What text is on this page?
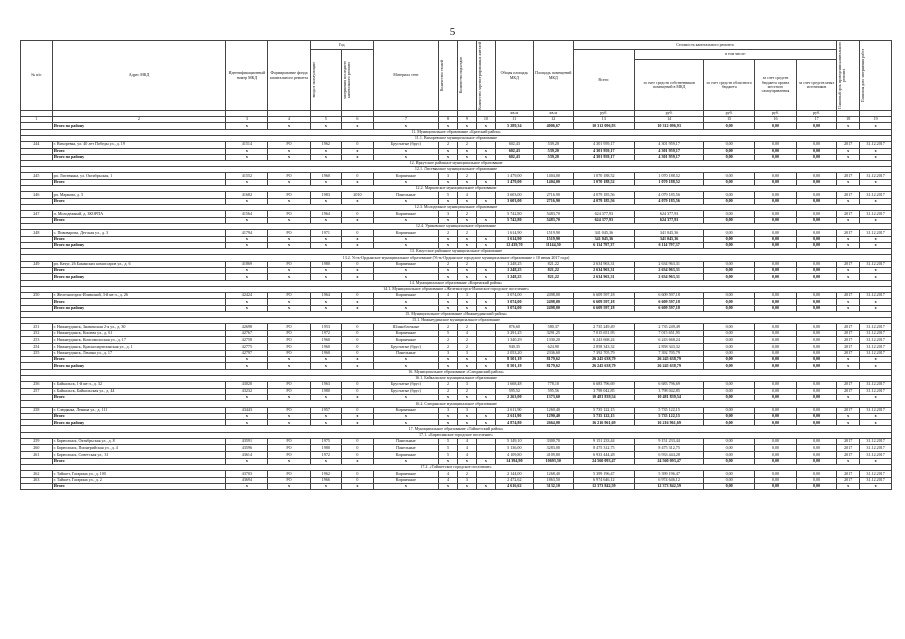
5
№ п/п	Адрес МКД	Идентификационный номер МКД	Формирование фонда капитального ремонта	Год		Материал стен	Количество этажей	Количество подъездов	Количество зарегистрированных жителей	Общая площадь МКД	Площадь помещений МКД	Стоимость капитального ремонта					Плановый срок проведения капитального ремонта	Плановая дата завершения работ

				ввода в эксплуатацию	завершения последнего капитального ремонта							Всего:	в том числе:					
													за счет средств собственников помещений в МКД	за счет средств областного бюджета	за счет средств бюджета органа местного самоуправления	за счет средств иных источников		
										кв.м	кв.м	руб.	руб.	руб.	руб.	руб.		
1	2	3	4	5	6	7	8	9	10	11	12	13	14	15	16	17	18	19
	Итого по району	x	x	x	x	x	x	x	x	5 289,34	4006,67	10 312 096,93	10 312 096,93	0,00	0,00	0,00	x	x
11. Муниципальное образование «Братский район»																		
11.1. Вихоревское муниципальное образование																		
244	г. Вихоревка, ул. 40 лет Победы ул., д. 19	41514	РО	1962	0	Брусчатые (брус)	2	2		602,43	539,20	4 301 959,17	4 301 959,17	0,00	0,00	0,00	2017	31.12.2017
	Итого	x	x	x	x	x	x	x	x	602,43	539,20	4 301 959,17	4 301 959,17	0,00	0,00	0,00	x	x
	Итого по району	x	x	x	x	x	x	x	x	602,43	539,20	4 301 959,17	4 301 959,17	0,00	0,00	0,00	x	x
12. Иркутское районное муниципальное образование																		
12.1. Листвянское муниципальное образование																		
245	рп. Листвянка, ул. Октябрьская, 1	41552	РО	1960	0	Кирпичные	3	2		1 479,00	1404,00	1 070 188,52	1 070 188,52	0,00	0,00	0,00	2017	31.12.2017
	Итого	x	x	x	x	x	x	x	x	1 479,00	1404,00	1 070 188,52	1 070 188,52	0,00	0,00	0,00	x	x
12.2. Марковское муниципальное образование																		
246	рп. Маркова, д. 5	41682	РО	1983	2010	Панельные	5	4		3 603,00	2716,90	4 079 185,56	4 079 185,56	0,00	0,00	0,00	2017	31.12.2017
	Итого	x	x	x	x	x	x	x	x	3 603,00	2716,90	4 079 185,56	4 079 185,56	0,00	0,00	0,00	x	x
12.3. Молодежное муниципальное образование																		
247	п. Молодежный, д. ЗКОРПА	41564	РО	1964	0	Кирпичные	3	2		5 742,80	5483,70	624 377,93	624 377,93	0,00	0,00	0,00	2017	31.12.2017
	Итого	x	x	x	x	x	x	x	x	5 742,80	5483,70	624 377,93	624 377,93	0,00	0,00	0,00	x	x
12.4. Уриковское муниципальное образование																		
248	с. Пивоварова, Детская ул., д. 3	41794	РО	1971	0	Кирпичные	2	2		1 614,90	1519,90	341 045,36	341 045,36	0,00	0,00	0,00	2017	31.12.2017
	Итого	x	x	x	x	x	x	x	x	1 614,90	1519,90	341 045,36	341 045,36	0,00	0,00	0,00	x	x
	Итого по району	x	x	x	x	x	x	x	x	12 439,70	11144,50	6 114 797,37	6 114 797,37	0,00	0,00	0,00	x	x
13. Качугское районное муниципальное образование																		
13.2. Усть-Ордынское муниципальное образование (Усть-Ордынское городское муниципальное образование с 10 июня 2017 года)																		
249	рп. Качуг, 26 Бакинских комиссаров ул., д. 6	41869	РО	1980	0	Кирпичные	2	2		1 248,25	821,22	2 634 963,31	2 634 963,31	0,00	0,00	0,00	2017	31.12.2017
	Итого	x	x	x	x	x	x	x	x	1 248,25	821,22	2 634 963,31	2 634 963,31	0,00	0,00	0,00	x	x
	Итого по району	x	x	x	x	x	x	x	x	1 248,25	821,22	2 634 963,31	2 634 963,31	0,00	0,00	0,00	x	x
14. Муниципальное образование «Киренский район»																		
14.1. Муниципальное образование «Железногорск-Илимское городское поселение»																		
250	г. Железногорск-Илимский, 3-й кв-л., д. 26	42424	РО	1964	0	Кирпичные	4	3		3 074,00	2498,00	6 609 597,18	6 609 597,18	0,00	0,00	0,00	2017	31.12.2017
	Итого	x	x	x	x	x	x	x	x	3 074,00	2498,00	6 609 597,18	6 609 597,18	0,00	0,00	0,00	x	x
	Итого по району	x	x	x	x	x	x	x	x	3 074,00	2498,00	6 609 597,18	6 609 597,18	0,00	0,00	0,00	x	x
15. Муниципальное образование «Нижнеудинский район»																		
15.1. Нижнеудинское муниципальное образование																		
251	г. Нижнеудинск, Знаменская 2-я ул., д. 30	42698	РО	1953	0	Шлакоблочные	2	2		876,60	580,37	2 735 249,49	2 735 249,49	0,00	0,00	0,00	2017	31.12.2017
252	г. Нижнеудинск, Кошева ул., д. 61	42767	РО	1972	0	Кирпичные	5	4		3 291,25	3291,25	7 015 651,95	7 015 651,95	0,00	0,00	0,00	2017	31.12.2017
253	г. Нижнеудинск, Комсомольская ул., д. 17	42758	РО	1960	0	Кирпичные	2	2		1 340,29	1330,20	6 243 668,24	6 243 668,24	0,00	0,00	0,00	2017	31.12.2017
254	г. Нижнеудинск, Краснопартизанская ул., д. 1	42775	РО	1960	0	Брусчатые (брус)	2	2		940,35	624,90	2 858 343,32	2 858 343,32	0,00	0,00	0,00	2017	31.12.2017
255	г. Нижнеудинск, Ленина ул., д. 17	42797	РО	1960	0	Панельные	3	3		2 053,20	2336,60	7 392 705,79	7 392 705,79	0,00	0,00	0,00	2017	31.12.2017
	Итого	x	x	x	x	x	x	x	x	8 501,19	8179,62	26 245 638,79	26 245 638,79	0,00	0,00	0,00	x	x
	Итого по району	x	x	x	x	x	x	x	x	8 501,19	8179,62	26 245 638,79	26 245 638,79	0,00	0,00	0,00	x	x
16. Муниципальное образование «Слюдянский район»																		
16.1. Байкальское муниципальное образование																		
256	г. Байкальск, 1-й кв-л., д. 32	43020	РО	1963	0	Брусчатые (брус)	2	3		1 668,48	778,10	6 683 796,69	6 683 796,69	0,00	0,00	0,00	2017	31.12.2017
257	г. Байкальск, Байкальская ул., д. 44	43232	РО	1980	0	Брусчатые (брус)	2	2		595,52	595,56	3 798 042,85	3 798 042,85	0,00	0,00	0,00	2017	31.12.2017
	Итого	x	x	x	x	x	x	x	x	2 263,00	1373,60	10 481 839,54	10 481 839,54	0,00	0,00	0,00	x	x
16.2. Слюдянское муниципальное образование																		
258	г. Слюдянка, Ленина ул., д. 111	43443	РО	1957	0	Кирпичные	3	3		2 611,90	1260,40	5 735 122,15	5 735 122,15	0,00	0,00	0,00	2017	31.12.2017
	Итого	x	x	x	x	x	x	x	x	2 611,90	1290,40	5 735 122,15	5 735 122,15	0,00	0,00	0,00	x	x
	Итого по району	x	x	x	x	x	x	x	x	4 874,80	2664,00	16 216 961,69	16 216 961,69	0,00	0,00	0,00	x	x
17. Муниципальное образование «Тайшетский район»																		
17.1. «Бирюсинское городское поселение»																		
259	г. Бирюсинск, Октябрьская ул., д. 8	43591	РО	1975	0	Панельные	5	4		5 149,10	3300,70	9 151 233,44	9 151 233,44	0,00	0,00	0,00	2017	31.12.2017
260	г. Бирюсинск, Пионерийская ул., д. 4	43596	РО	1980	0	Панельные	5	4		5 136,00	3283,00	8 475 312,75	8 475 312,75	0,00	0,00	0,00	2017	31.12.2017
261	г. Бирюсинск, Советская ул., 31	43614	РО	1972	0	Кирпичные	5	4		4 109,80	4109,80	6 933 444,28	6 933 444,28	0,00	0,00	0,00	2017	31.12.2017
	Итого	x	x	x	x	x	x	x	x	14 394,90	10693,50	24 560 093,47	24 560 093,47	0,00	0,00	0,00	x	x
17.2. «Тайшетское городское поселение»																		
262	г. Тайшет, Гагарина ул., д. 100	43703	РО	1962	0	Кирпичные	4	2		2 144,00	1268,40	5 399 196,47	5 399 196,47	0,00	0,00	0,00	2017	31.12.2017
263	г. Тайшет, Гагарина ул., д. 2	43694	РО	1966	0	Кирпичные	4	3		2 472,62	1863,50	6 974 646,12	6 974 646,12	0,00	0,00	0,00	2017	31.12.2017
	Итого	x	x	x	x	x	x	x	x	4 616,62	3132,10	12 373 842,59	12 373 842,59	0,00	0,00	0,00	x	x
